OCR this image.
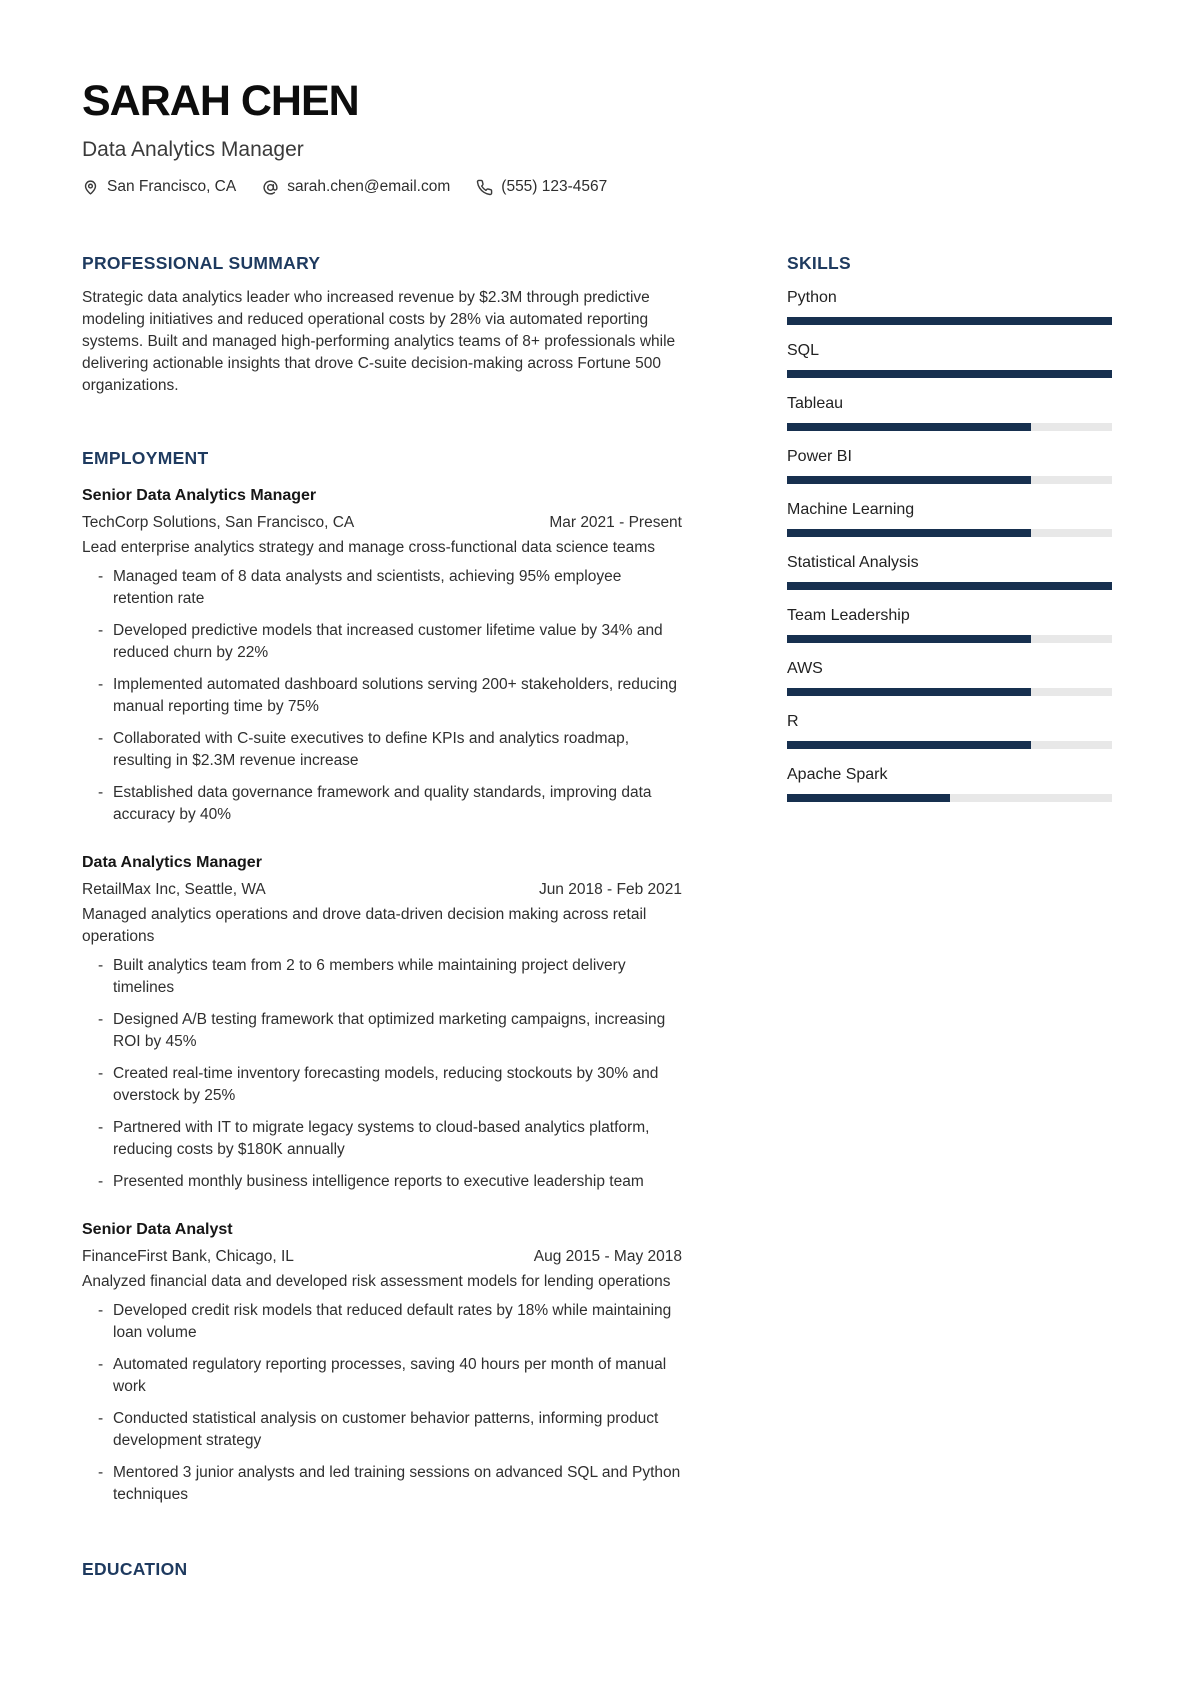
SARAH CHEN
Data Analytics Manager
San Francisco, CA	sarah.chen@email.com	(555) 123-4567
PROFESSIONAL SUMMARY
Strategic data analytics leader who increased revenue by $2.3M through predictive modeling initiatives and reduced operational costs by 28% via automated reporting systems. Built and managed high-performing analytics teams of 8+ professionals while delivering actionable insights that drove C-suite decision-making across Fortune 500 organizations.
EMPLOYMENT
Senior Data Analytics Manager
TechCorp Solutions, San Francisco, CA	Mar 2021 - Present
Lead enterprise analytics strategy and manage cross-functional data science teams
- Managed team of 8 data analysts and scientists, achieving 95% employee retention rate
- Developed predictive models that increased customer lifetime value by 34% and reduced churn by 22%
- Implemented automated dashboard solutions serving 200+ stakeholders, reducing manual reporting time by 75%
- Collaborated with C-suite executives to define KPIs and analytics roadmap, resulting in $2.3M revenue increase
- Established data governance framework and quality standards, improving data accuracy by 40%
Data Analytics Manager
RetailMax Inc, Seattle, WA	Jun 2018 - Feb 2021
Managed analytics operations and drove data-driven decision making across retail operations
- Built analytics team from 2 to 6 members while maintaining project delivery timelines
- Designed A/B testing framework that optimized marketing campaigns, increasing ROI by 45%
- Created real-time inventory forecasting models, reducing stockouts by 30% and overstock by 25%
- Partnered with IT to migrate legacy systems to cloud-based analytics platform, reducing costs by $180K annually
- Presented monthly business intelligence reports to executive leadership team
Senior Data Analyst
FinanceFirst Bank, Chicago, IL	Aug 2015 - May 2018
Analyzed financial data and developed risk assessment models for lending operations
- Developed credit risk models that reduced default rates by 18% while maintaining loan volume
- Automated regulatory reporting processes, saving 40 hours per month of manual work
- Conducted statistical analysis on customer behavior patterns, informing product development strategy
- Mentored 3 junior analysts and led training sessions on advanced SQL and Python techniques
EDUCATION
SKILLS
Python
SQL
Tableau
Power BI
Machine Learning
Statistical Analysis
Team Leadership
AWS
R
Apache Spark
